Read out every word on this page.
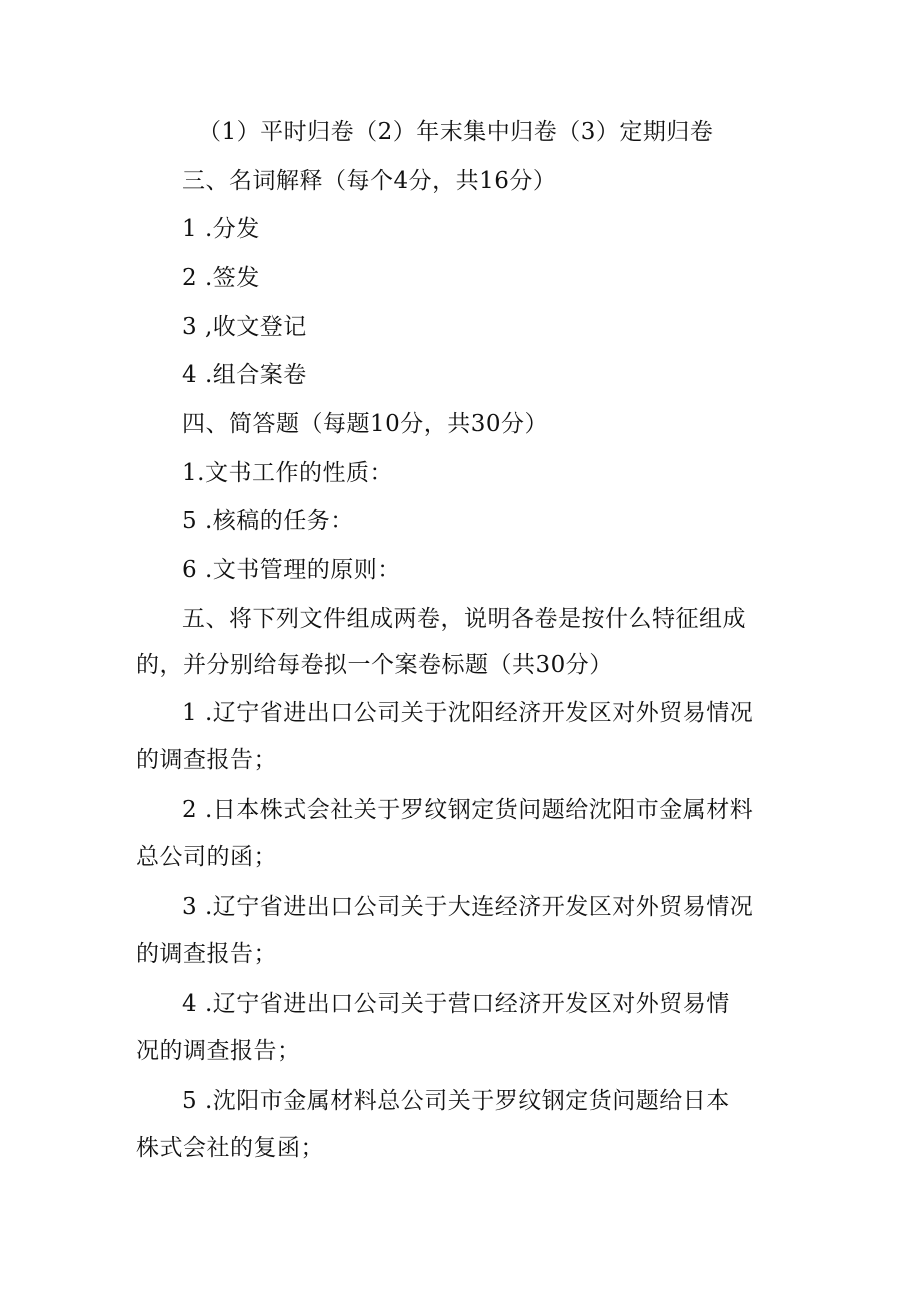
（1）平时归卷（2）年末集中归卷（3）定期归卷
三、名词解释（每个4分，共16分）
1 .分发
2 .签发
3 ,收文登记
4 .组合案卷
四、简答题（每题10分，共30分）
1.文书工作的性质：
5 .核稿的任务：
6 .文书管理的原则：
五、将下列文件组成两卷，说明各卷是按什么特征组成
的，并分别给每卷拟一个案卷标题（共30分）
1 .辽宁省进出口公司关于沈阳经济开发区对外贸易情况
的调查报告；
2 .日本株式会社关于罗纹钢定货问题给沈阳市金属材料
总公司的函；
3 .辽宁省进出口公司关于大连经济开发区对外贸易情况
的调查报告；
4 .辽宁省进出口公司关于营口经济开发区对外贸易情
况的调查报告；
5 .沈阳市金属材料总公司关于罗纹钢定货问题给日本
株式会社的复函；
